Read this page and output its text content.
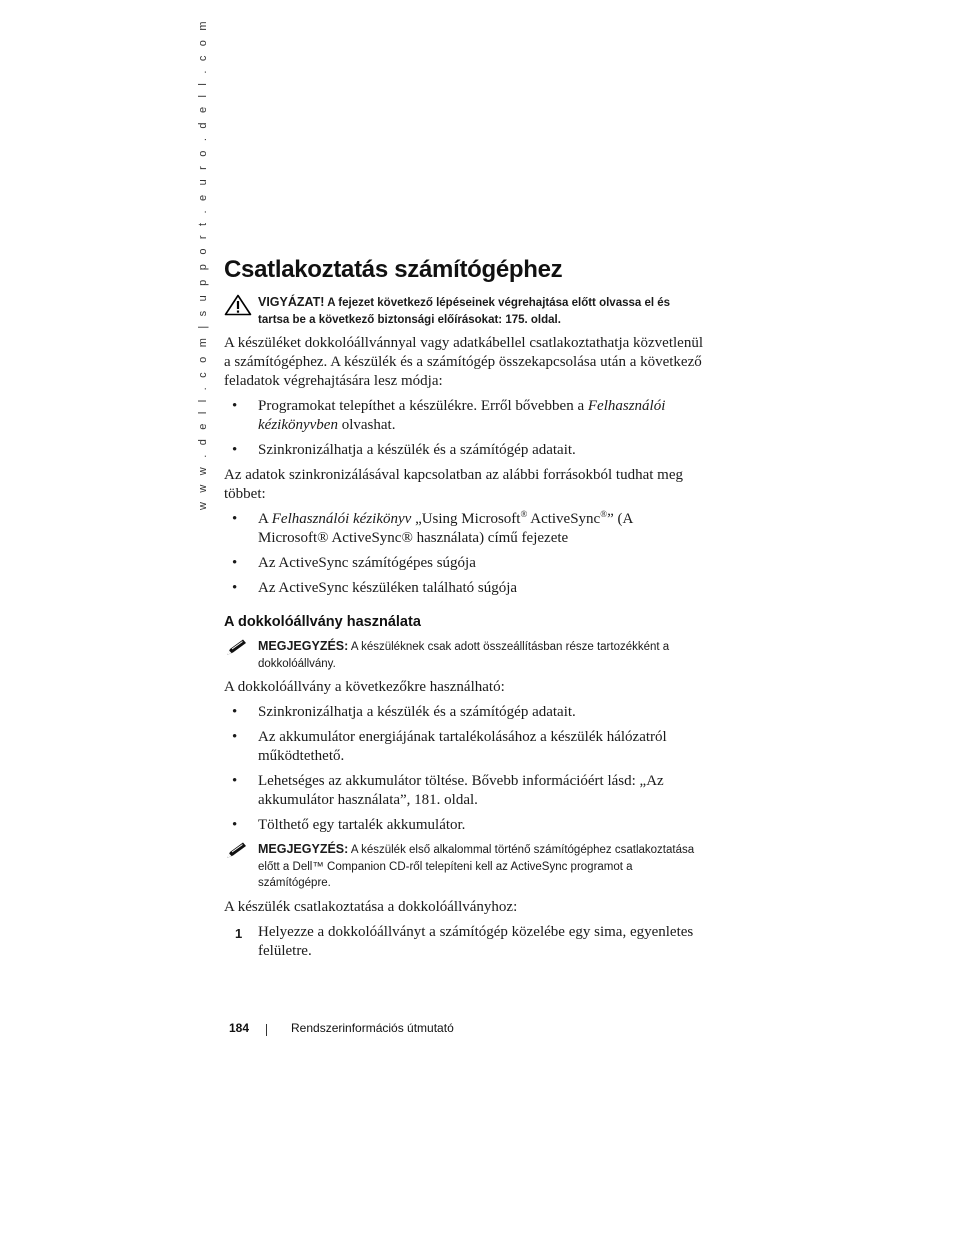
w w w . d e l l . c o m | s u p p o r t . e u r o . d e l l . c o m Csatlakoztatás számítógéphez
VIGYÁZAT! A fejezet következő lépéseinek végrehajtása előtt olvassa el és tartsa be a következő biztonsági előírásokat: 175. oldal.

A készüléket dokkolóállvánnyal vagy adatkábellel csatlakoztathatja közvetlenül a számítógéphez. A készülék és a számítógép összekapcsolása után a következő feladatok végrehajtására lesz módja:

• Programokat telepíthet a készülékre. Erről bővebben a Felhasználói kézikönyvben olvashat.
• Szinkronizálhatja a készülék és a számítógép adatait.

Az adatok szinkronizálásával kapcsolatban az alábbi forrásokból tudhat meg többet:

• A Felhasználói kézikönyv „Using Microsoft® ActiveSync®” (A Microsoft® ActiveSync® használata) című fejezete
• Az ActiveSync számítógépes súgója
• Az ActiveSync készüléken található súgója
A dokkolóállvány használata
MEGJEGYZÉS: A készüléknek csak adott összeállításban része tartozékként a dokkolóállvány.

A dokkolóállvány a következőkre használható:

• Szinkronizálhatja a készülék és a számítógép adatait.
• Az akkumulátor energiájának tartalékolásához a készülék hálózatról működtethető.
• Lehetséges az akkumulátor töltése. Bővebb információért lásd: „Az akkumulátor használata”, 181. oldal.
• Tölthető egy tartalék akkumulátor.
MEGJEGYZÉS: A készülék első alkalommal történő számítógéphez csatlakoztatása előtt a Dell™ Companion CD-ről telepíteni kell az ActiveSync programot a számítógépre.

A készülék csatlakoztatása a dokkolóállványhoz:

1 Helyezze a dokkolóállványt a számítógép közelébe egy sima, egyenletes felületre.
184	Rendszerinformációs útmutató
